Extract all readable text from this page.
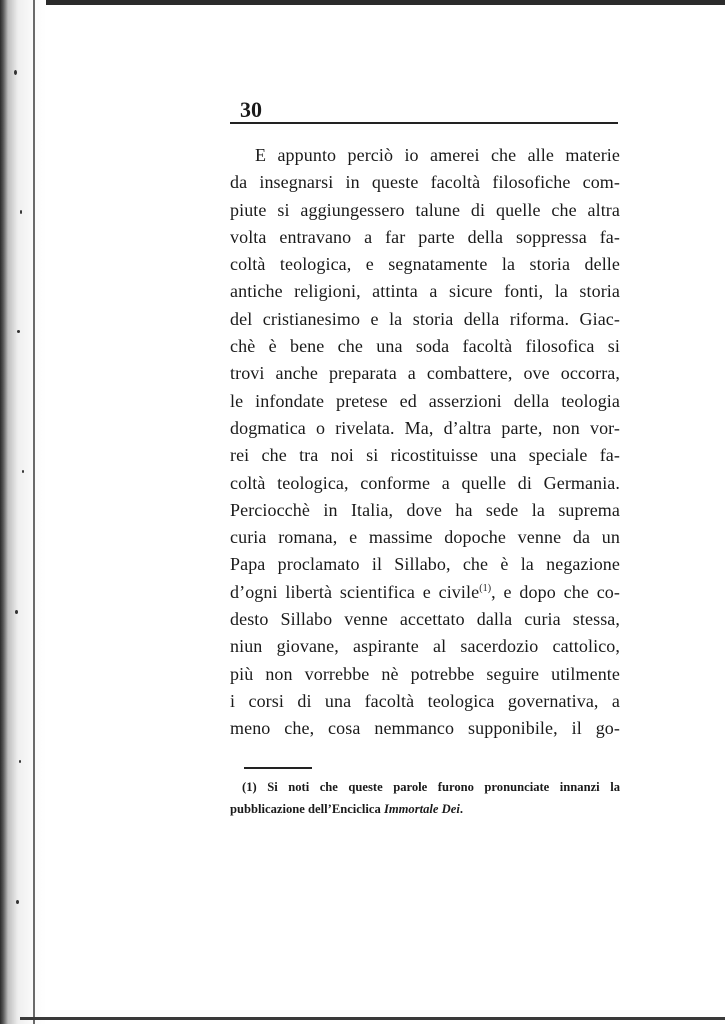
30
E appunto perciò io amerei che alle materie
da insegnarsi in queste facoltà filosofiche com-
piute si aggiungessero talune di quelle che altra
volta entravano a far parte della soppressa fa-
coltà teologica, e segnatamente la storia delle
antiche religioni, attinta a sicure fonti, la storia
del cristianesimo e la storia della riforma. Giac-
chè è bene che una soda facoltà filosofica si
trovi anche preparata a combattere, ove occorra,
le infondate pretese ed asserzioni della teologia
dogmatica o rivelata. Ma, d’altra parte, non vor-
rei che tra noi si ricostituisse una speciale fa-
coltà teologica, conforme a quelle di Germania.
Perciocchè in Italia, dove ha sede la suprema
curia romana, e massime dopoche venne da un
Papa proclamato il Sillabo, che è la negazione
d’ogni libertà scientifica e civile$^{(1)}$, e dopo che co-
desto Sillabo venne accettato dalla curia stessa,
niun giovane, aspirante al sacerdozio cattolico,
più non vorrebbe nè potrebbe seguire utilmente
i corsi di una facoltà teologica governativa, a
meno che, cosa nemmanco supponibile, il go-
(1) Si noti che queste parole furono pronunciate innanzi la
pubblicazione dell’Enciclica Immortale Dei.
